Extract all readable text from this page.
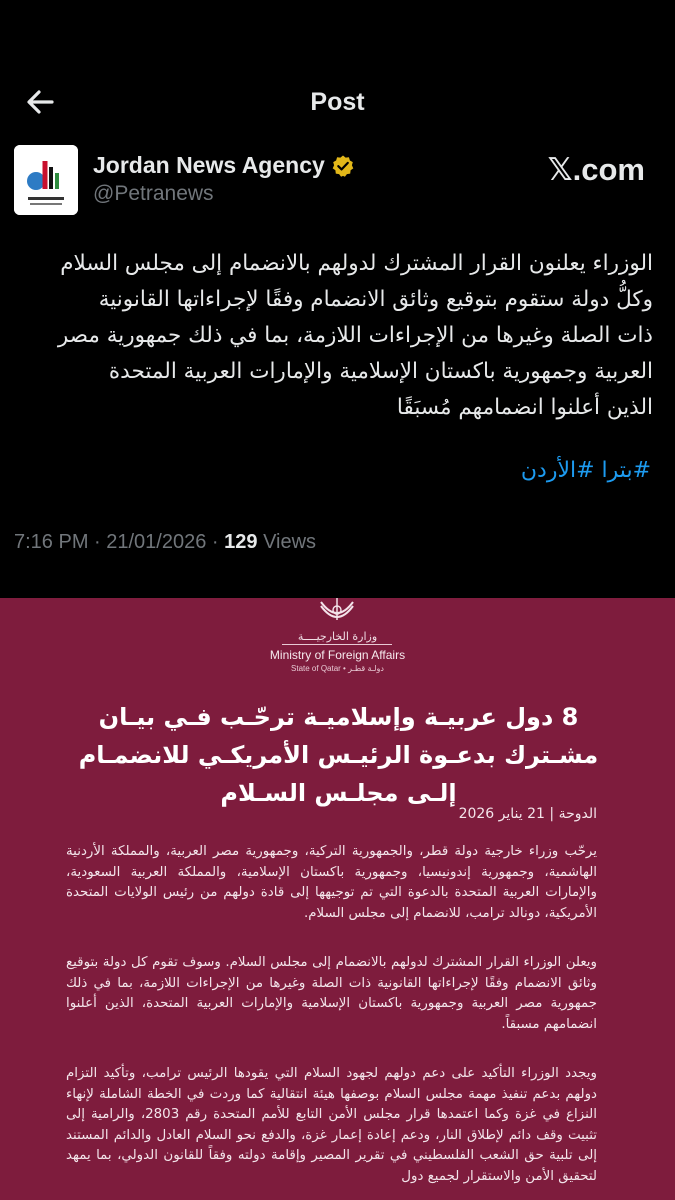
Post
Jordan News Agency
@Petranews
𝕏.com
الوزراء يعلنون القرار المشترك لدولهم بالانضمام إلى مجلس السلام
وكلُّ دولة ستقوم بتوقيع وثائق الانضمام وفقًا لإجراءاتها القانونية
ذات الصلة وغيرها من الإجراءات اللازمة، بما في ذلك جمهورية مصر
العربية وجمهورية باكستان الإسلامية والإمارات العربية المتحدة
الذين أعلنوا انضمامهم مُسبَقًا
#بترا #الأردن
7:16 PM · 21/01/2026 · 129 Views
وزارة الخارجيــــة
Ministry of Foreign Affairs
State of Qatar • دولـة قطـر
8 دول عربيـة وإسلاميـة ترحّـب فـي بيـان مشـترك بدعـوة الرئيـس الأمريكـي للانضمـام إلـى مجلـس السـلام
الدوحة | 21 يناير 2026
يرحّب وزراء خارجية دولة قطر، والجمهورية التركية، وجمهورية مصر العربية، والمملكة الأردنية الهاشمية، وجمهورية إندونيسيا، وجمهورية باكستان الإسلامية، والمملكة العربية السعودية، والإمارات العربية المتحدة بالدعوة التي تم توجيهها إلى قادة دولهم من رئيس الولايات المتحدة الأمريكية، دونالد ترامب، للانضمام إلى مجلس السلام.
ويعلن الوزراء القرار المشترك لدولهم بالانضمام إلى مجلس السلام. وسوف تقوم كل دولة بتوقيع وثائق الانضمام وفقًا لإجراءاتها القانونية ذات الصلة وغيرها من الإجراءات اللازمة، بما في ذلك جمهورية مصر العربية وجمهورية باكستان الإسلامية والإمارات العربية المتحدة، الذين أعلنوا انضمامهم مسبقاً.
ويجدد الوزراء التأكيد على دعم دولهم لجهود السلام التي يقودها الرئيس ترامب، وتأكيد التزام دولهم بدعم تنفيذ مهمة مجلس السلام بوصفها هيئة انتقالية كما وردت في الخطة الشاملة لإنهاء النزاع في غزة وكما اعتمدها قرار مجلس الأمن التابع للأمم المتحدة رقم 2803، والرامية إلى تثبيت وقف دائم لإطلاق النار، ودعم إعادة إعمار غزة، والدفع نحو السلام العادل والدائم المستند إلى تلبية حق الشعب الفلسطيني في تقرير المصير وإقامة دولته وفقاً للقانون الدولي، بما يمهد لتحقيق الأمن والاستقرار لجميع دول
